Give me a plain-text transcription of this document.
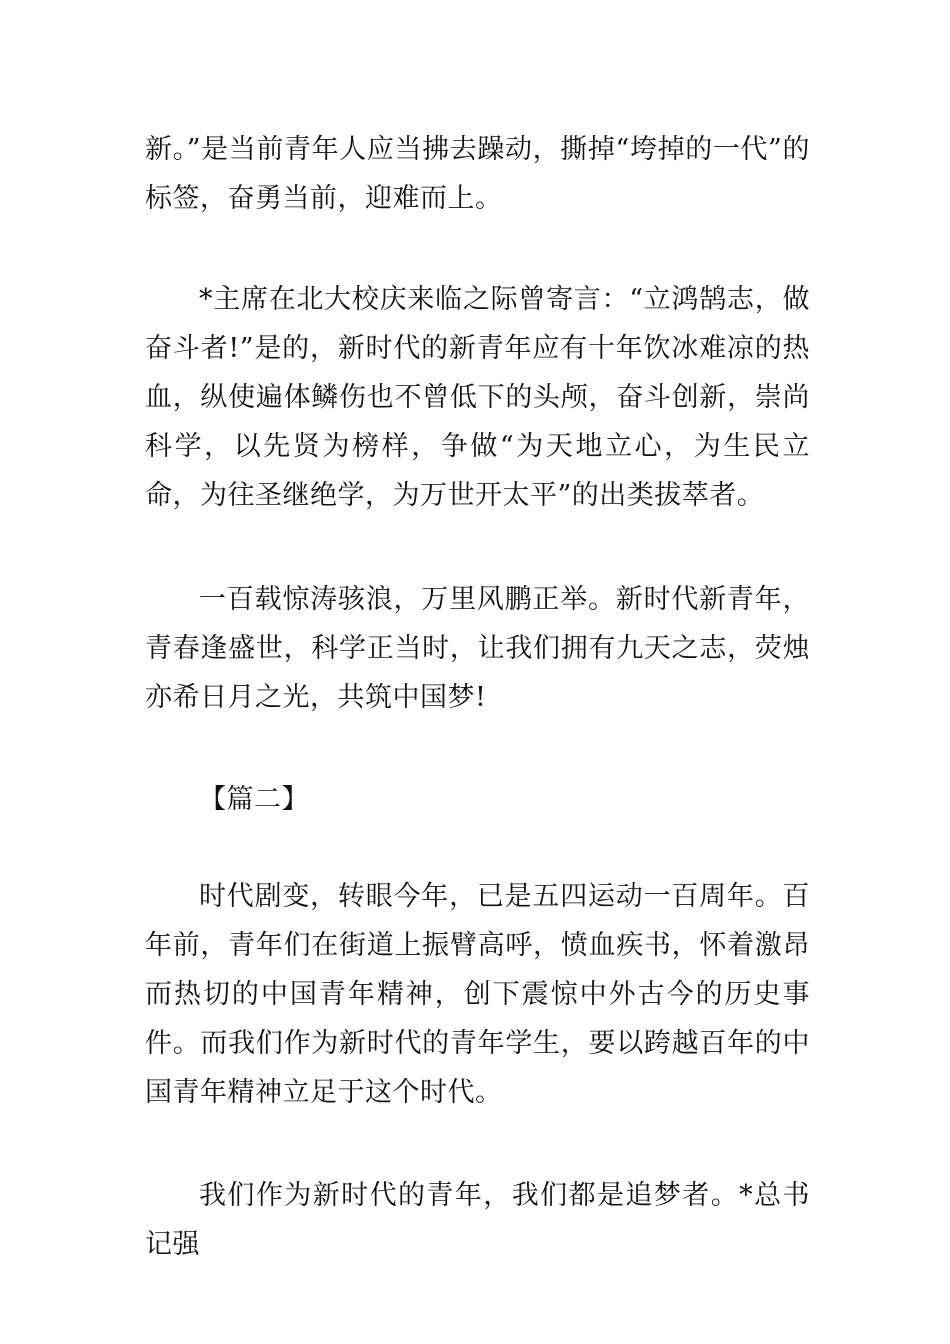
新。”是当前青年人应当拂去躁动，撕掉“垮掉的一代”的标签，奋勇当前，迎难而上。

*主席在北大校庆来临之际曾寄言：“立鸿鹄志，做奋斗者!”是的，新时代的新青年应有十年饮冰难凉的热血，纵使遍体鳞伤也不曾低下的头颅，奋斗创新，崇尚科学，以先贤为榜样，争做“为天地立心，为生民立命，为往圣继绝学，为万世开太平”的出类拔萃者。

一百载惊涛骇浪，万里风鹏正举。新时代新青年，青春逢盛世，科学正当时，让我们拥有九天之志，荧烛亦希日月之光，共筑中国梦!

【篇二】

时代剧变，转眼今年，已是五四运动一百周年。百年前，青年们在街道上振臂高呼，愤血疾书，怀着激昂而热切的中国青年精神，创下震惊中外古今的历史事件。而我们作为新时代的青年学生，要以跨越百年的中国青年精神立足于这个时代。

我们作为新时代的青年，我们都是追梦者。*总书记强
